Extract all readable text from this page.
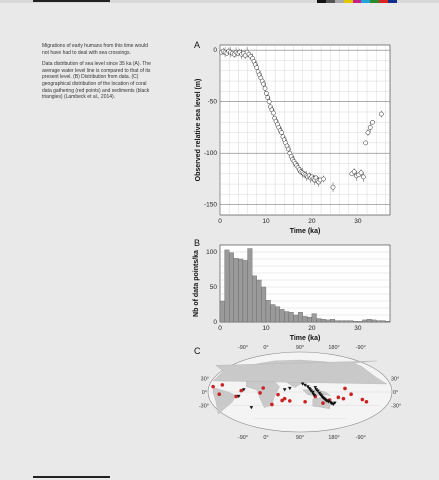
Migrations of early humans from this time would not have had to deal with sea crossings.

Data distribution of sea level since 35 ka (A). The average water level line is compared to that of its present level. (B) Distribution from data. (C) geographical distribution of the location of coral data gathering (red points) and sediments (black triangles) (Lambeck et al., 2014).

A
0	10	20	30
0
-50
-100
-150
Time (ka)
Observed relative sea level (m)
B
0	10	20	30
0
50
100
Time (ka)
Nb of data points/ka
C	-90°
-90°
0°
0°
90°
90°
180°
180°
-90°
-90°
30°
0°
-30°
30°
0°
-30°
